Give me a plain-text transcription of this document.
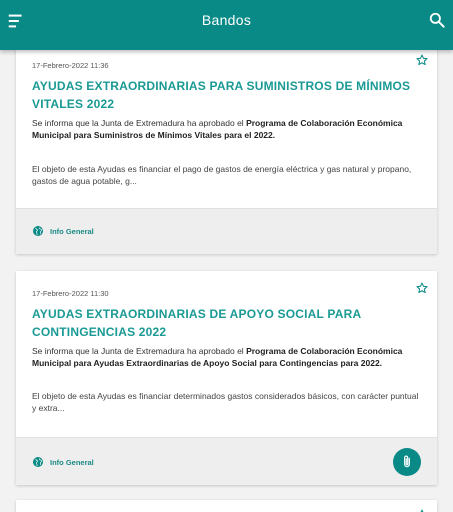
Bandos
17-Febrero-2022 11:36
AYUDAS EXTRAORDINARIAS PARA SUMINISTROS DE MÍNIMOS
VITALES 2022
Se informa que la Junta de Extremadura ha aprobado el Programa de Colaboración Económica Municipal para Suministros de Mínimos Vitales para el 2022.
El objeto de esta Ayudas es financiar el pago de gastos de energía eléctrica y gas natural y propano, gastos de agua potable, g...
Info General
17-Febrero-2022 11:30
AYUDAS EXTRAORDINARIAS DE APOYO SOCIAL PARA
CONTINGENCIAS 2022
Se informa que la Junta de Extremadura ha aprobado el Programa de Colaboración Económica Municipal para Ayudas Extraordinarias de Apoyo Social para Contingencias para 2022.
El objeto de esta Ayudas es financiar determinados gastos considerados básicos, con carácter puntual y extra...
Info General
